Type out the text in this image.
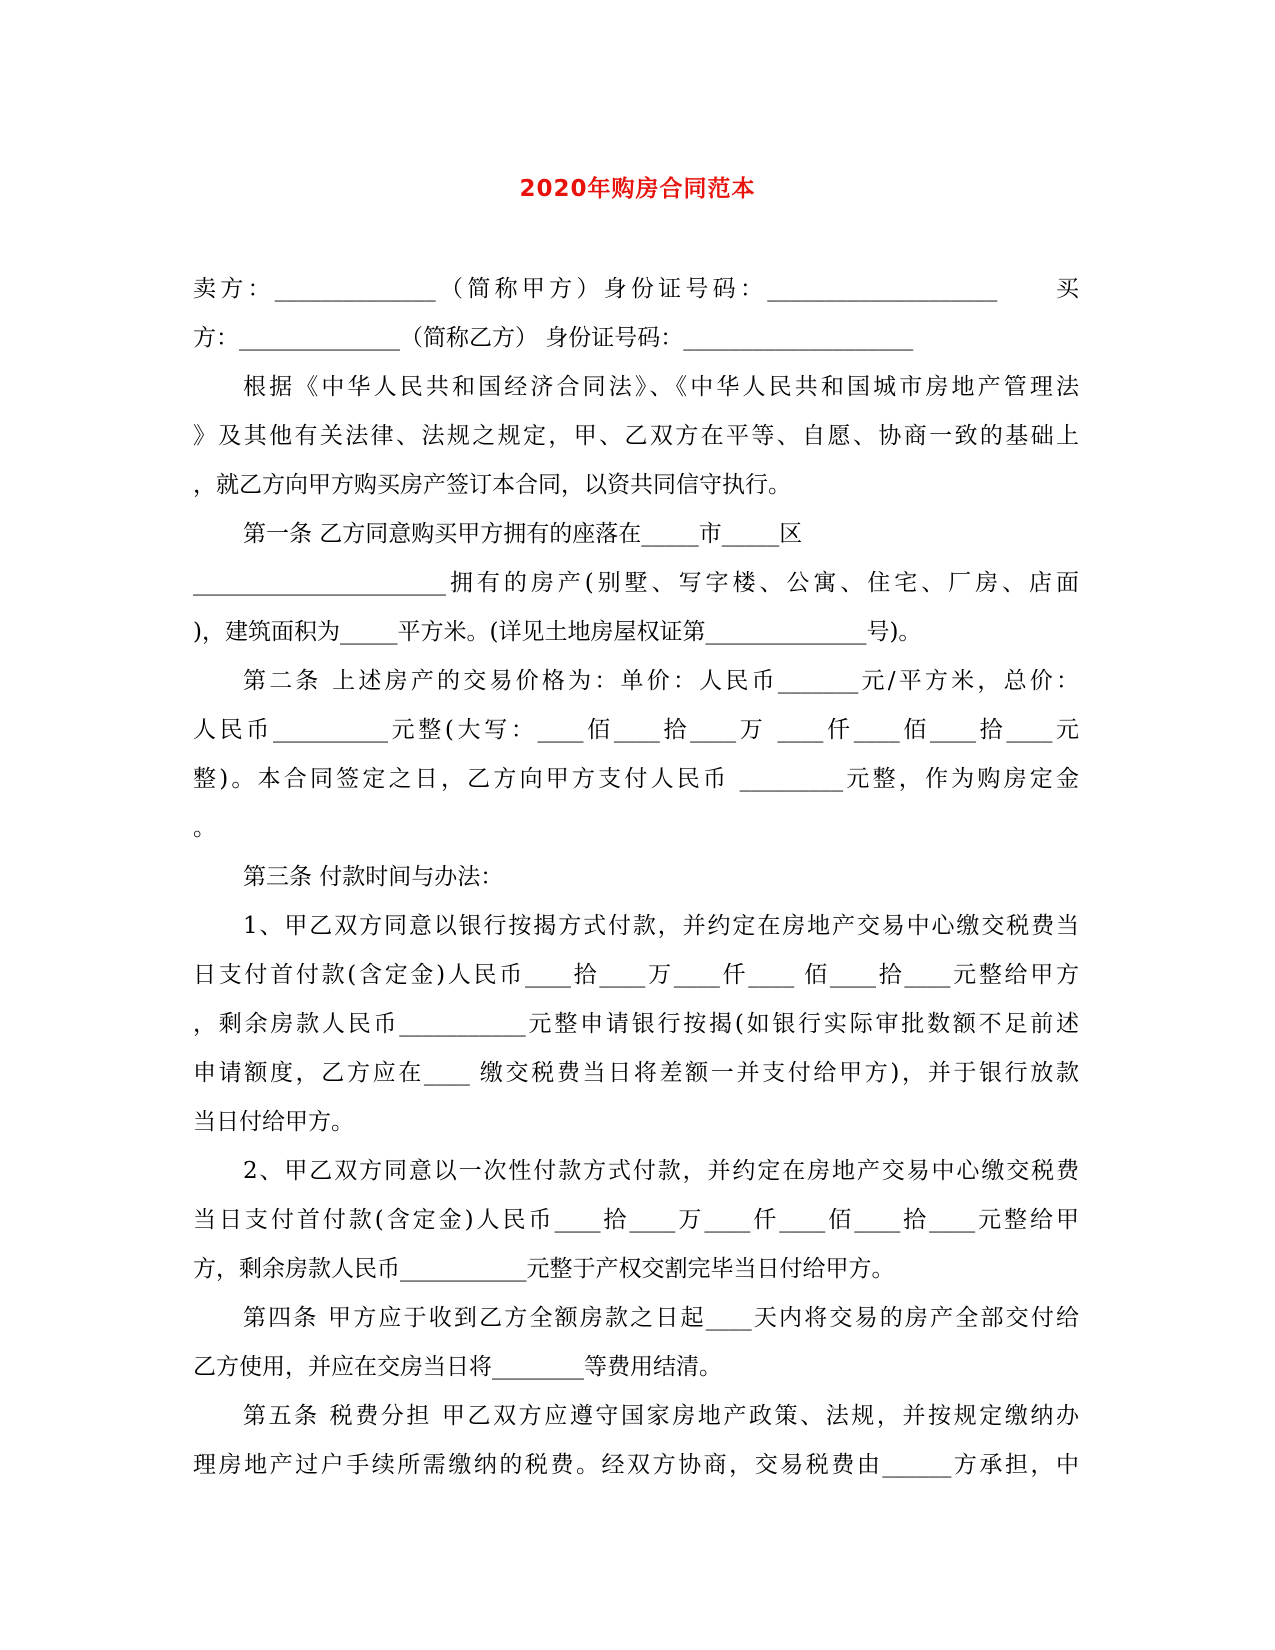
2020年购房合同范本
卖方：______________（简称甲方）身份证号码：____________________　　买
方：______________（简称乙方） 身份证号码：____________________
根据《中华人民共和国经济合同法》、《中华人民共和国城市房地产管理法
》及其他有关法律、法规之规定，甲、乙双方在平等、自愿、协商一致的基础上
，就乙方向甲方购买房产签订本合同，以资共同信守执行。
第一条 乙方同意购买甲方拥有的座落在_____市_____区
______________________拥有的房产(别墅、写字楼、公寓、住宅、厂房、店面
)，建筑面积为_____平方米。(详见土地房屋权证第______________号)。
第二条 上述房产的交易价格为：单价：人民币_______元/平方米，总价：
人民币__________元整(大写：____佰____拾____万 ____仟____佰____拾____元
整)。本合同签定之日，乙方向甲方支付人民币 _________元整，作为购房定金
。
第三条 付款时间与办法：
1、甲乙双方同意以银行按揭方式付款，并约定在房地产交易中心缴交税费当
日支付首付款(含定金)人民币____拾____万____仟____ 佰____拾____元整给甲方
，剩余房款人民币___________元整申请银行按揭(如银行实际审批数额不足前述
申请额度，乙方应在____ 缴交税费当日将差额一并支付给甲方)，并于银行放款
当日付给甲方。
2、甲乙双方同意以一次性付款方式付款，并约定在房地产交易中心缴交税费
当日支付首付款(含定金)人民币____拾____万____仟____佰____拾____元整给甲
方，剩余房款人民币___________元整于产权交割完毕当日付给甲方。
第四条 甲方应于收到乙方全额房款之日起____天内将交易的房产全部交付给
乙方使用，并应在交房当日将________等费用结清。
第五条 税费分担 甲乙双方应遵守国家房地产政策、法规，并按规定缴纳办
理房地产过户手续所需缴纳的税费。经双方协商，交易税费由______方承担，中
